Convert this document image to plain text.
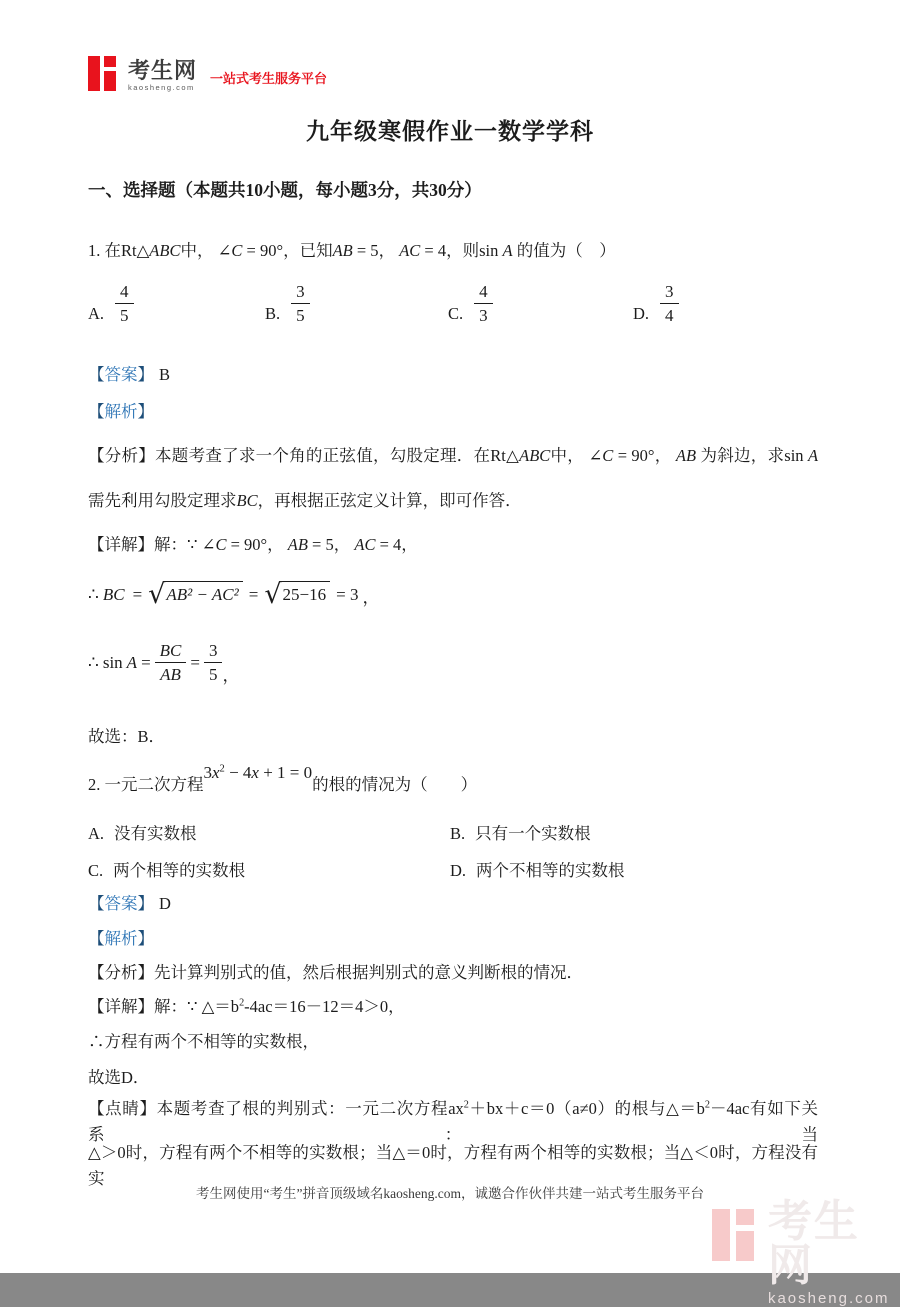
考生网
kaosheng.com
一站式考生服务平台
九年级寒假作业一数学学科
一、选择题（本题共10小题，每小题3分，共30分）
1. 在Rt△ABC中， ∠C = 90°，已知AB = 5， AC = 4，则sin A 的值为（　）
A. $\frac{4}{5}$	B. $\frac{3}{5}$	C. $\frac{4}{3}$	D. $\frac{3}{4}$
【答案】 B
【解析】
【分析】本题考查了求一个角的正弦值，勾股定理．在Rt△ABC中， ∠C = 90°， AB 为斜边，求sin A
需先利用勾股定理求BC，再根据正弦定义计算，即可作答．
【详解】解：∵ ∠C = 90°， AB = 5， AC = 4，
∴ BC = √ AB² − AC² = √ 25−16 = 3 ，
∴ $\sin A = \frac{BC}{AB} = \frac{3}{5}$ ，
故选：B．
2. 一元二次方程$3x^2 - 4x + 1 = 0$的根的情况为（　　）
A. 没有实数根	B. 只有一个实数根
C. 两个相等的实数根	D. 两个不相等的实数根
【答案】 D
【解析】
【分析】先计算判别式的值，然后根据判别式的意义判断根的情况．
【详解】解：∵ $\triangle=b^2-4ac=16-12=4>0$，
∴方程有两个不相等的实数根，
故选D．
【点睛】本题考查了根的判别式：一元二次方程$ax^2+bx+c=0(a\ne 0)$的根与$\triangle=b^2-4ac$有如下关系：当
△＞0时，方程有两个不相等的实数根；当△＝0时，方程有两个相等的实数根；当△＜0时，方程没有实
考生网使用“考生”拼音顶级域名kaosheng.com，诚邀合作伙伴共建一站式考生服务平台
考生网
kaosheng.com
